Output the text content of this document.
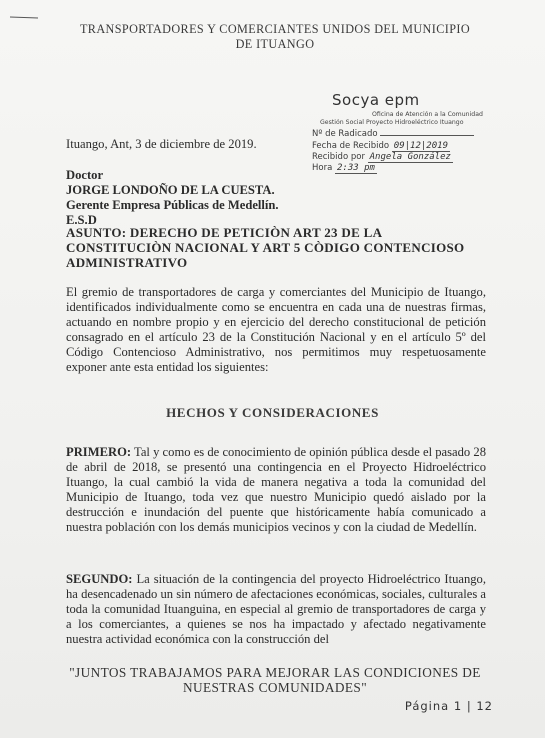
TRANSPORTADORES Y COMERCIANTES UNIDOS DEL MUNICIPIO
DE ITUANGO
Socya epm
Oficina de Atención a la Comunidad
Gestión Social Proyecto Hidroeléctrico Ituango
Nº de Radicado
Fecha de Recibido 09|12|2019
Recibido por Angela González
Hora 2:33 pm
Ituango, Ant, 3 de diciembre de 2019.
Doctor
JORGE LONDOÑO DE LA CUESTA.
Gerente Empresa Públicas de Medellín.
E.S.D
ASUNTO: DERECHO DE PETICIÒN ART 23 DE LA CONSTITUCIÒN NACIONAL Y ART 5 CÒDIGO CONTENCIOSO ADMINISTRATIVO
El gremio de transportadores de carga y comerciantes del Municipio de Ituango, identificados individualmente como se encuentra en cada una de nuestras firmas, actuando en nombre propio y en ejercicio del derecho constitucional de petición consagrado en el artículo 23 de la Constitución Nacional y en el artículo 5º del Código Contencioso Administrativo, nos permitimos muy respetuosamente exponer ante esta entidad los siguientes:
HECHOS Y CONSIDERACIONES
PRIMERO: Tal y como es de conocimiento de opinión pública desde el pasado 28 de abril de 2018, se presentó una contingencia en el Proyecto Hidroeléctrico Ituango, la cual cambió la vida de manera negativa a toda la comunidad del Municipio de Ituango, toda vez que nuestro Municipio quedó aislado por la destrucción e inundación del puente que históricamente había comunicado a nuestra población con los demás municipios vecinos y con la ciudad de Medellín.
SEGUNDO: La situación de la contingencia del proyecto Hidroeléctrico Ituango, ha desencadenado un sin número de afectaciones económicas, sociales, culturales a toda la comunidad Ituanguina, en especial al gremio de transportadores de carga y a los comerciantes, a quienes se nos ha impactado y afectado negativamente nuestra actividad económica con la construcción del
"JUNTOS TRABAJAMOS PARA MEJORAR LAS CONDICIONES DE
NUESTRAS COMUNIDADES"
Página 1 | 12
